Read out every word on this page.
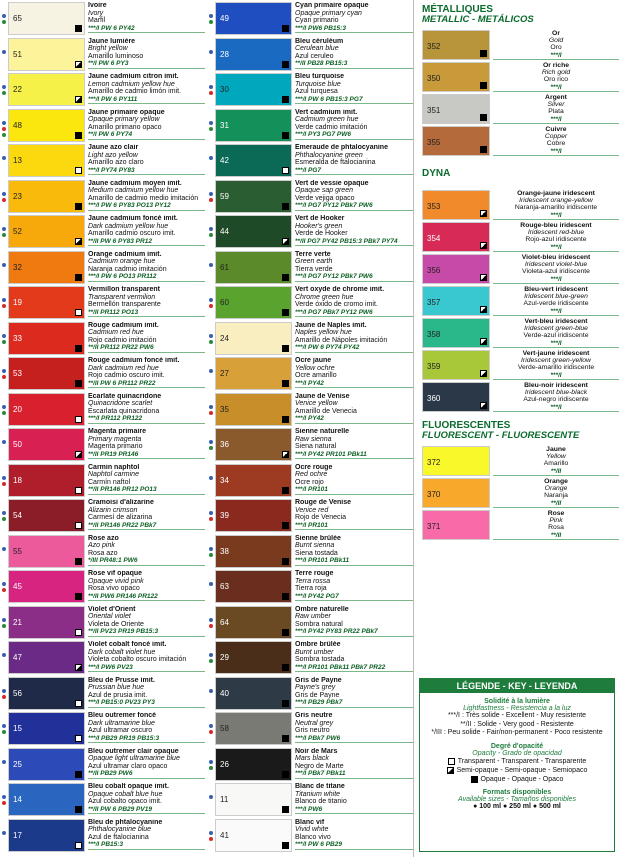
65
Ivoire
Ivory
Marfil
***/I PW 6 PY42
51
Jaune lumière
Bright yellow
Amarillo luminoso
**/I PW 6 PY3
22
Jaune cadmium citron imit.
Lemon cadmium yellow hue
Amarillo de cadmio limón imit.
***/I PW 6 PY111
48
Jaune primaire opaque
Opaque primary yellow
Amarillo primario opaco
**/I PW 6 PY74
13
Jaune azo clair
Light azo yellow
Amarillo azo claro
***/I PY74 PY83
23
Jaune cadmium moyen imit.
Medium cadmium yellow hue
Amarillo de cadmio medio imitación
***/I PW 6 PY83 PO13 PY12
52
Jaune cadmium foncé imit.
Dark cadmium yellow hue
Amarillo cadmio oscuro imit.
**/II PW 6 PY83 PR12
32
Orange cadmium imit.
Cadmium orange hue
Naranja cadmio imitación
***/I PW 6 PO13 PR112
19
Vermillon transparent
Transparent vermilion
Bermellón transparente
**/II PR112 PO13
33
Rouge cadmium imit.
Cadmium red hue
Rojo cadmio imitación
**/II PR112 PR22 PW6
53
Rouge cadmium foncé imit.
Dark cadmium red hue
Rojo cadmio oscuro imit.
**/II PW 6 PR112 PR22
20
Ecarlate quinacridone
Quinacridone scarlet
Escarlata quinacridona
***/I PR112 PR122
50
Magenta primaire
Primary magenta
Magenta primario
**/II PR19 PR146
18
Carmin naphtol
Naphtol carmine
Carmín naftol
**/II PR146 PR12 PO13
54
Cramoisi d'alizarine
Alizarin crimson
Carmesí de alizarina
**/II PR146 PR22 PBk7
55
Rose azo
Azo pink
Rosa azo
*/III PR48:1 PW6
45
Rose vif opaque
Opaque vivid pink
Rosa vivo opaco
**/II PW6 PR146 PR122
21
Violet d'Orient
Oriental violet
Violeta de Oriente
**/II PV23 PR19 PB15:3
47
Violet cobalt foncé imit.
Dark cobalt violet hue
Violeta cobalto oscuro imitación
***/I PW6 PV23
56
Bleu de Prusse imit.
Prussian blue hue
Azul de prusia imit.
***/I PB15:0 PV23 PY3
15
Bleu outremer foncé
Dark ultramarine blue
Azul ultramar oscuro
***/I PB29 PR19 PB15:3
25
Bleu outremer clair opaque
Opaque light ultramarine blue
Azul ultramar claro opaco
**/II PB29 PW6
14
Bleu cobalt opaque imit.
Opaque cobalt blue hue
Azul cobalto opaco imit.
**/II PW 6 PB29 PV19
17
Bleu de phtalocyanine
Phthalocyanine blue
Azul de ftalocianina
***/I PB15:3
49
Cyan primaire opaque
Opaque primary cyan
Cyan primario
***/I PW6 PB15:3
28
Bleu céruléum
Cerulean blue
Azul ceruleo
**/II PB28 PB15:3
30
Bleu turquoise
Turquoise blue
Azul turquesa
***/I PW 6 PB15:3 PG7
31
Vert cadmium imit.
Cadmium green hue
Verde cadmio imitación
***/I PY3 PG7 PW6
42
Émeraude de phtalocyanine
Phthalocyanine green
Esmeralda de ftalocianina
***/I PG7
59
Vert de vessie opaque
Opaque sap green
Verde vejiga opaco
***/I PG7 PY12 PBk7 PW6
44
Vert de Hooker
Hooker's green
Verde de Hooker
**/II PG7 PY42 PB15:3 PBk7 PY74
61
Terre verte
Green earth
Tierra verde
***/I PG7 PY12 PBk7 PW6
60
Vert oxyde de chrome imit.
Chrome green hue
Verde óxido de cromo imit.
***/I PG7 PBk7 PY12 PW6
24
Jaune de Naples imit.
Naples yellow hue
Amarillo de Nápoles imitación
***/I PW 6 PY74 PY42
27
Ocre jaune
Yellow ochre
Ocre amarillo
***/I PY42
35
Jaune de Venise
Venice yellow
Amarillo de Venecia
***/I PY42
36
Sienne naturelle
Raw sienna
Siena natural
***/I PY42 PR101 PBk11
34
Ocre rouge
Red ochre
Ocre rojo
***/I PR101
39
Rouge de Venise
Venice red
Rojo de Venecia
***/I PR101
38
Sienne brûlée
Burnt sienna
Siena tostada
***/I PR101 PBk11
63
Terre rouge
Terra rossa
Tierra roja
***/I PY42 PG7
64
Ombre naturelle
Raw umber
Sombra natural
***/I PY42 PY83 PR22 PBk7
29
Ombre brûlée
Burnt umber
Sombra tostada
***/I PR101 PBk11 PBk7 PR22
40
Gris de Payne
Payne's grey
Gris de Payne
***/I PB29 PBk7
58
Gris neutre
Neutral grey
Gris neutro
***/I PBk7 PW6
26
Noir de Mars
Mars black
Negro de Marte
***/I PBk7 PBk11
11
Blanc de titane
Titanium white
Blanco de titanio
***/I PW6
41
Blanc vif
Vivid white
Blanco vivo
***/I PW 6 PB29
MÉTALLIQUES
METALLIC - METÁLICOS
352
Or
Gold
Oro
***/I
350
Or riche
Rich gold
Oro rico
***/I
351
Argent
Silver
Plata
***/I
355
Cuivre
Copper
Cobre
***/I
DYNA
353
Orange-jaune iridescent
Iridescent orange-yellow
Naranja-amarillo iridiscente
***/I
354
Rouge-bleu iridescent
Iridescent red-blue
Rojo-azul iridiscente
***/I
356
Violet-bleu iridescent
Iridescent violet-blue
Violeta-azul iridiscente
***/I
357
Bleu-vert iridescent
Iridescent blue-green
Azul-verde iridiscente
***/I
358
Vert-bleu iridescent
Iridescent green-blue
Verde-azul iridiscente
***/I
359
Vert-jaune iridescent
Iridescent green-yellow
Verde-amarillo iridiscente
***/I
360
Bleu-noir iridescent
Iridescent blue-black
Azul-negro iridiscente
***/I
FLUORESCENTES
FLUORESCENT - FLUORESCENTE
372
Jaune
Yellow
Amarillo
**/II
370
Orange
Orange
Naranja
**/II
371
Rose
Pink
Rosa
**/II
LÉGENDE - KEY - LEYENDA
Solidité à la lumière
Lightfastness - Resistencia a la luz
***/I : Très solide - Excellent - Muy resistente
**/II : Solide - Very good - Resistente
*/III : Peu solide - Fair/non-permanent - Poco resistente
Degré d'opacité
Opacity - Grado de opacidad
Transparent - Transparent - Transparente
Semi-opaque - Semi-opaque - Semiopaco
Opaque - Opaque - Opaco
Formats disponibles
Available sizes - Tamaños disponibles
● 100 ml ● 250 ml ● 500 ml
